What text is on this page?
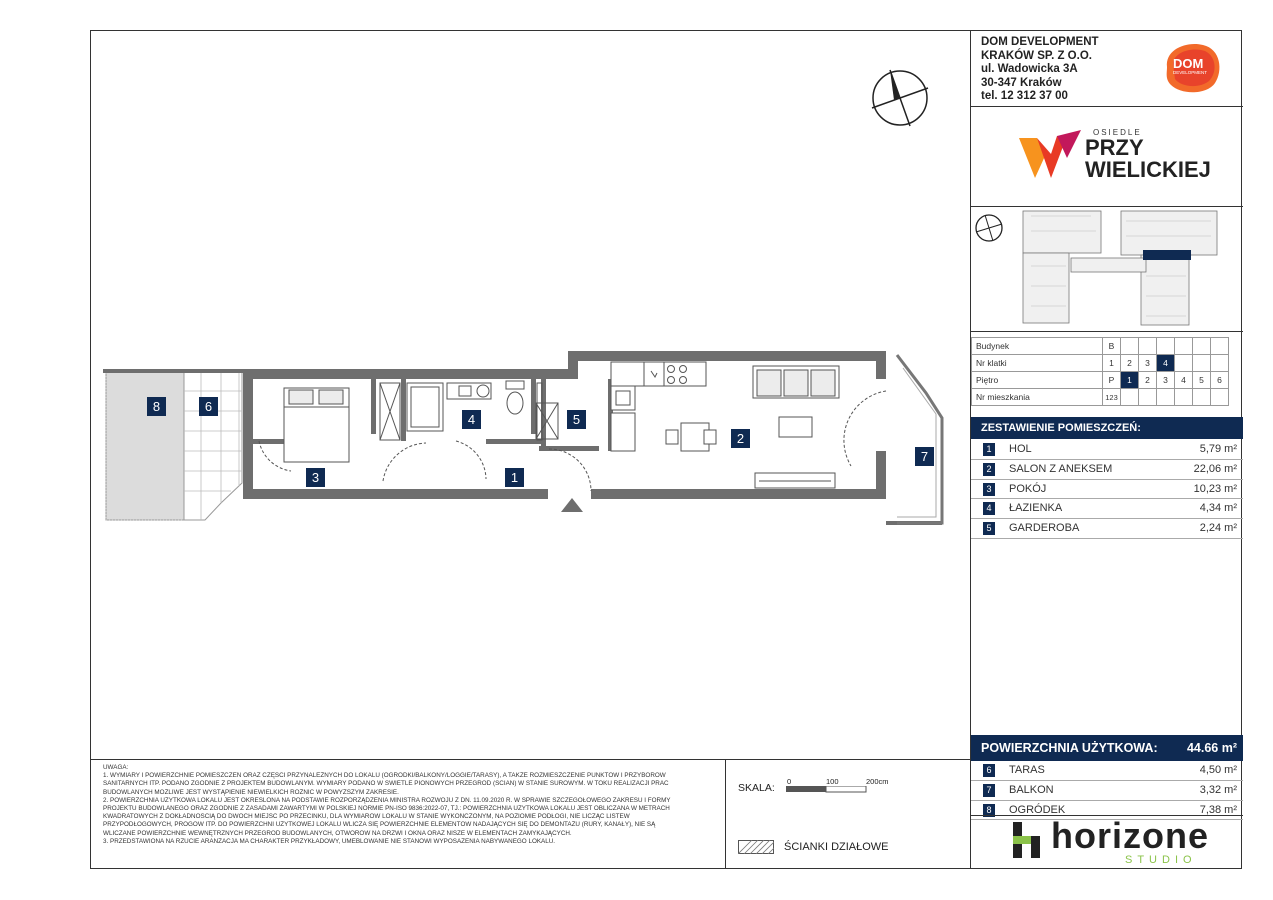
8	6
3
4	5
1
2
7
UWAGA:
1. WYMIARY I POWIERZCHNIE POMIESZCZEŃ ORAZ CZĘŚCI PRZYNALEŻNYCH DO LOKALU (OGRÓDKI/BALKONY/LOGGIE/TARASY), A TAKŻE ROZMIESZCZENIE PUNKTÓW I PRZYBORÓW
SANITARNYCH ITP. PODANO ZGODNIE Z PROJEKTEM BUDOWLANYM. WYMIARY PODANO W ŚWIETLE PIONOWYCH PRZEGRÓD (ŚCIAN) W STANIE SUROWYM. W TOKU REALIZACJI PRAC
BUDOWLANYCH MOŻLIWE JEST WYSTĄPIENIE NIEWIELKICH RÓŻNIC W POWYŻSZYM ZAKRESIE.
2. POWIERZCHNIA UŻYTKOWA LOKALU JEST OKREŚLONA NA PODSTAWIE ROZPORZĄDZENIA MINISTRA ROZWOJU Z DN. 11.09.2020 R. W SPRAWIE SZCZEGÓŁOWEGO ZAKRESU I FORMY
PROJEKTU BUDOWLANEGO ORAZ ZGODNIE Z ZASADAMI ZAWARTYMI W POLSKIEJ NORMIE PN-ISO 9836:2022-07, TJ.: POWIERZCHNIA UŻYTKOWA LOKALU JEST OBLICZANA W METRACH
KWADRATOWYCH Z DOKŁADNOŚCIĄ DO DWÓCH MIEJSC PO PRZECINKU, DLA WYMIARÓW LOKALU W STANIE WYKOŃCZONYM, NA POZIOMIE PODŁOGI, NIE LICZĄC LISTEW
PRZYPODŁOGOWYCH, PROGÓW ITP. DO POWIERZCHNI UŻYTKOWEJ LOKALU WLICZA SIĘ POWIERZCHNIE ELEMENTÓW NADAJĄCYCH SIĘ DO DEMONTAŻU (RURY, KANAŁY), NIE SĄ
WLICZANE POWIERZCHNIE WEWNĘTRZNYCH PRZEGRÓD BUDOWLANYCH, OTWORÓW NA DRZWI I OKNA ORAZ NISZE W ELEMENTACH ZAMYKAJĄCYCH.
3. PRZEDSTAWIONA NA RZUCIE ARANŻACJA MA CHARAKTER PRZYKŁADOWY, UMEBLOWANIE NIE STANOWI WYPOSAŻENIA NABYWANEGO LOKALU.
SKALA:
0	100	200cm
ŚCIANKI DZIAŁOWE
DOM DEVELOPMENT
KRAKÓW SP. Z O.O.
ul. Wadowicka 3A
30-347 Kraków
tel. 12 312 37 00
DOM
DEVELOPMENT
OSIEDLE
PRZY
WIELICKIEJ
Budynek	B						
Nr klatki	1	2	3	4			
Piętro	P	1	2	3	4	5	6
Nr mieszkania	123						
ZESTAWIENIE POMIESZCZEŃ:
1	HOL	5,79 m²
2	SALON Z ANEKSEM	22,06 m²
3	POKÓJ	10,23 m²
4	ŁAZIENKA	4,34 m²
5	GARDEROBA	2,24 m²
POWIERZCHNIA UŻYTKOWA: 44.66 m²
6	TARAS	4,50 m²
7	BALKON	3,32 m²
8	OGRÓDEK	7,38 m²
horizone
STUDIO
